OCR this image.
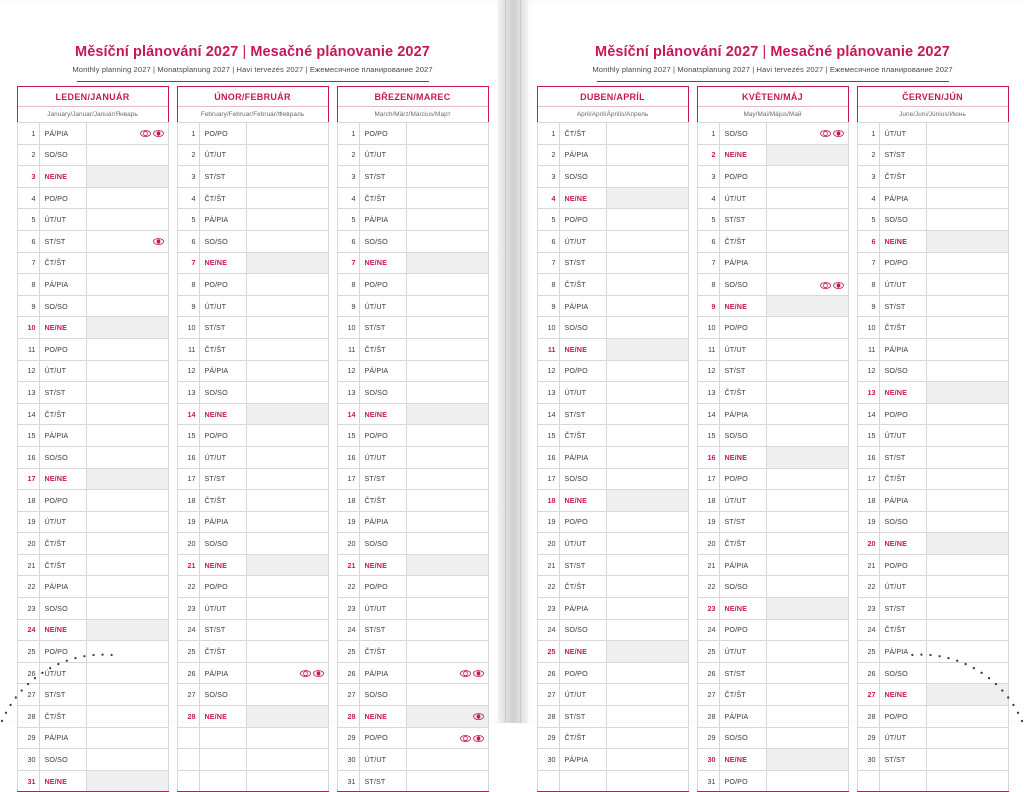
Měsíční plánování 2027 | Mesačné plánovanie 2027
Monthly planning 2027 | Monatsplanung 2027 | Havi tervezés 2027 | Ежемесячное планирование 2027
LEDEN/JANUÁR
January/Januar/Január/Январь
1	PÁ/PIA	
2	SO/SO	
3	NE/NE	
4	PO/PO	
5	ÚT/UT	
6	ST/ST	
7	ČT/ŠT	
8	PÁ/PIA	
9	SO/SO	
10	NE/NE	
11	PO/PO	
12	ÚT/UT	
13	ST/ST	
14	ČT/ŠT	
15	PÁ/PIA	
16	SO/SO	
17	NE/NE	
18	PO/PO	
19	ÚT/UT	
20	ČT/ŠT	
21	ČT/ŠT	
22	PÁ/PIA	
23	SO/SO	
24	NE/NE	
25	PO/PO	
26	ÚT/UT	
27	ST/ST	
28	ČT/ŠT	
29	PÁ/PIA	
30	SO/SO	
31	NE/NE	
ÚNOR/FEBRUÁR
February/Februar/Február/Февраль
1	PO/PO	
2	ÚT/UT	
3	ST/ST	
4	ČT/ŠT	
5	PÁ/PIA	
6	SO/SO	
7	NE/NE	
8	PO/PO	
9	ÚT/UT	
10	ST/ST	
11	ČT/ŠT	
12	PÁ/PIA	
13	SO/SO	
14	NE/NE	
15	PO/PO	
16	ÚT/UT	
17	ST/ST	
18	ČT/ŠT	
19	PÁ/PIA	
20	SO/SO	
21	NE/NE	
22	PO/PO	
23	ÚT/UT	
24	ST/ST	
25	ČT/ŠT	
26	PÁ/PIA	
27	SO/SO	
28	NE/NE	

BŘEZEN/MAREC
March/März/Március/Март
1	PO/PO	
2	ÚT/UT	
3	ST/ST	
4	ČT/ŠT	
5	PÁ/PIA	
6	SO/SO	
7	NE/NE	
8	PO/PO	
9	ÚT/UT	
10	ST/ST	
11	ČT/ŠT	
12	PÁ/PIA	
13	SO/SO	
14	NE/NE	
15	PO/PO	
16	ÚT/UT	
17	ST/ST	
18	ČT/ŠT	
19	PÁ/PIA	
20	SO/SO	
21	NE/NE	
22	PO/PO	
23	ÚT/UT	
24	ST/ST	
25	ČT/ŠT	
26	PÁ/PIA	
27	SO/SO	
28	NE/NE	
29	PO/PO	
30	ÚT/UT	
31	ST/ST	
Měsíční plánování 2027 | Mesačné plánovanie 2027
Monthly planning 2027 | Monatsplanung 2027 | Havi tervezés 2027 | Ежемесячное планирование 2027
DUBEN/APRÍL
April/April/Április/Апрель
1	ČT/ŠT	
2	PÁ/PIA	
3	SO/SO	
4	NE/NE	
5	PO/PO	
6	ÚT/UT	
7	ST/ST	
8	ČT/ŠT	
9	PÁ/PIA	
10	SO/SO	
11	NE/NE	
12	PO/PO	
13	ÚT/UT	
14	ST/ST	
15	ČT/ŠT	
16	PÁ/PIA	
17	SO/SO	
18	NE/NE	
19	PO/PO	
20	ÚT/UT	
21	ST/ST	
22	ČT/ŠT	
23	PÁ/PIA	
24	SO/SO	
25	NE/NE	
26	PO/PO	
27	ÚT/UT	
28	ST/ST	
29	ČT/ŠT	
30	PÁ/PIA	

KVĚTEN/MÁJ
May/Mai/Május/Май
1	SO/SO	
2	NE/NE	
3	PO/PO	
4	ÚT/UT	
5	ST/ST	
6	ČT/ŠT	
7	PÁ/PIA	
8	SO/SO	
9	NE/NE	
10	PO/PO	
11	ÚT/UT	
12	ST/ST	
13	ČT/ŠT	
14	PÁ/PIA	
15	SO/SO	
16	NE/NE	
17	PO/PO	
18	ÚT/UT	
19	ST/ST	
20	ČT/ŠT	
21	PÁ/PIA	
22	SO/SO	
23	NE/NE	
24	PO/PO	
25	ÚT/UT	
26	ST/ST	
27	ČT/ŠT	
28	PÁ/PIA	
29	SO/SO	
30	NE/NE	
31	PO/PO	
ČERVEN/JÚN
June/Juni/Június/Июнь
1	ÚT/UT	
2	ST/ST	
3	ČT/ŠT	
4	PÁ/PIA	
5	SO/SO	
6	NE/NE	
7	PO/PO	
8	ÚT/UT	
9	ST/ST	
10	ČT/ŠT	
11	PÁ/PIA	
12	SO/SO	
13	NE/NE	
14	PO/PO	
15	ÚT/UT	
16	ST/ST	
17	ČT/ŠT	
18	PÁ/PIA	
19	SO/SO	
20	NE/NE	
21	PO/PO	
22	ÚT/UT	
23	ST/ST	
24	ČT/ŠT	
25	PÁ/PIA	
26	SO/SO	
27	NE/NE	
28	PO/PO	
29	ÚT/UT	
30	ST/ST	
